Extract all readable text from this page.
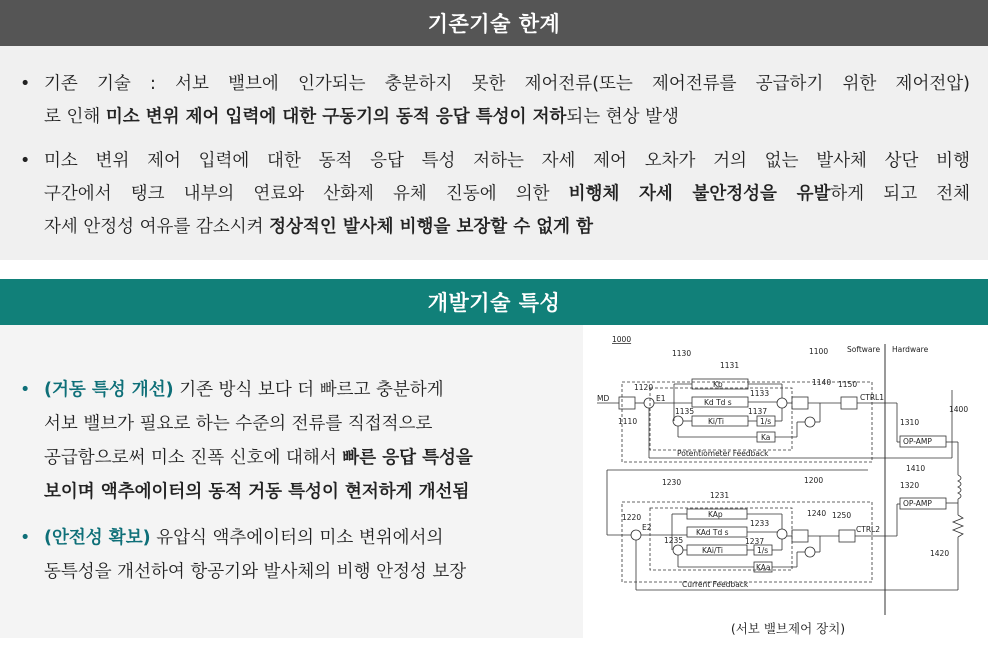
기존기술 한계
• 기존 기술 : 서보 밸브에 인가되는 충분하지 못한 제어전류(또는 제어전류를 공급하기 위한 제어전압)
로 인해 미소 변위 제어 입력에 대한 구동기의 동적 응답 특성이 저하되는 현상 발생
• 미소 변위 제어 입력에 대한 동적 응답 특성 저하는 자세 제어 오차가 거의 없는 발사체 상단 비행
구간에서 탱크 내부의 연료와 산화제 유체 진동에 의한 비행체 자세 불안정성을 유발하게 되고 전체
자세 안정성 여유를 감소시켜 정상적인 발사체 비행을 보장할 수 없게 함
개발기술 특성
• (거동 특성 개선) 기존 방식 보다 더 빠르고 충분하게
서보 밸브가 필요로 하는 수준의 전류를 직접적으로
공급함으로써 미소 진폭 신호에 대해서 빠른 응답 특성을
보이며 액추에이터의 동적 거동 특성이 현저하게 개선됨
• (안전성 확보) 유압식 액추에이터의 미소 변위에서의
동특성을 개선하여 항공기와 발사체의 비행 안정성 보장
1000
Software Hardware
1100
1130
1131
1120
1133
1135	1137
1140 1150
1110
Kp
Kd Td s
Ki/Ti	1/s
Ka
E1
MD	CTRL1
Potentiometer Feedback
1310
1400
1410
1320
1420
OP-AMP
OP-AMP
1200
1230
1231
1220
1233
1235	1237
1240 1250
KAp
KAd Td s
KAi/Ti	1/s
KAa
E2	CTRL2
Current Feedback
(서보 밸브제어 장치)
